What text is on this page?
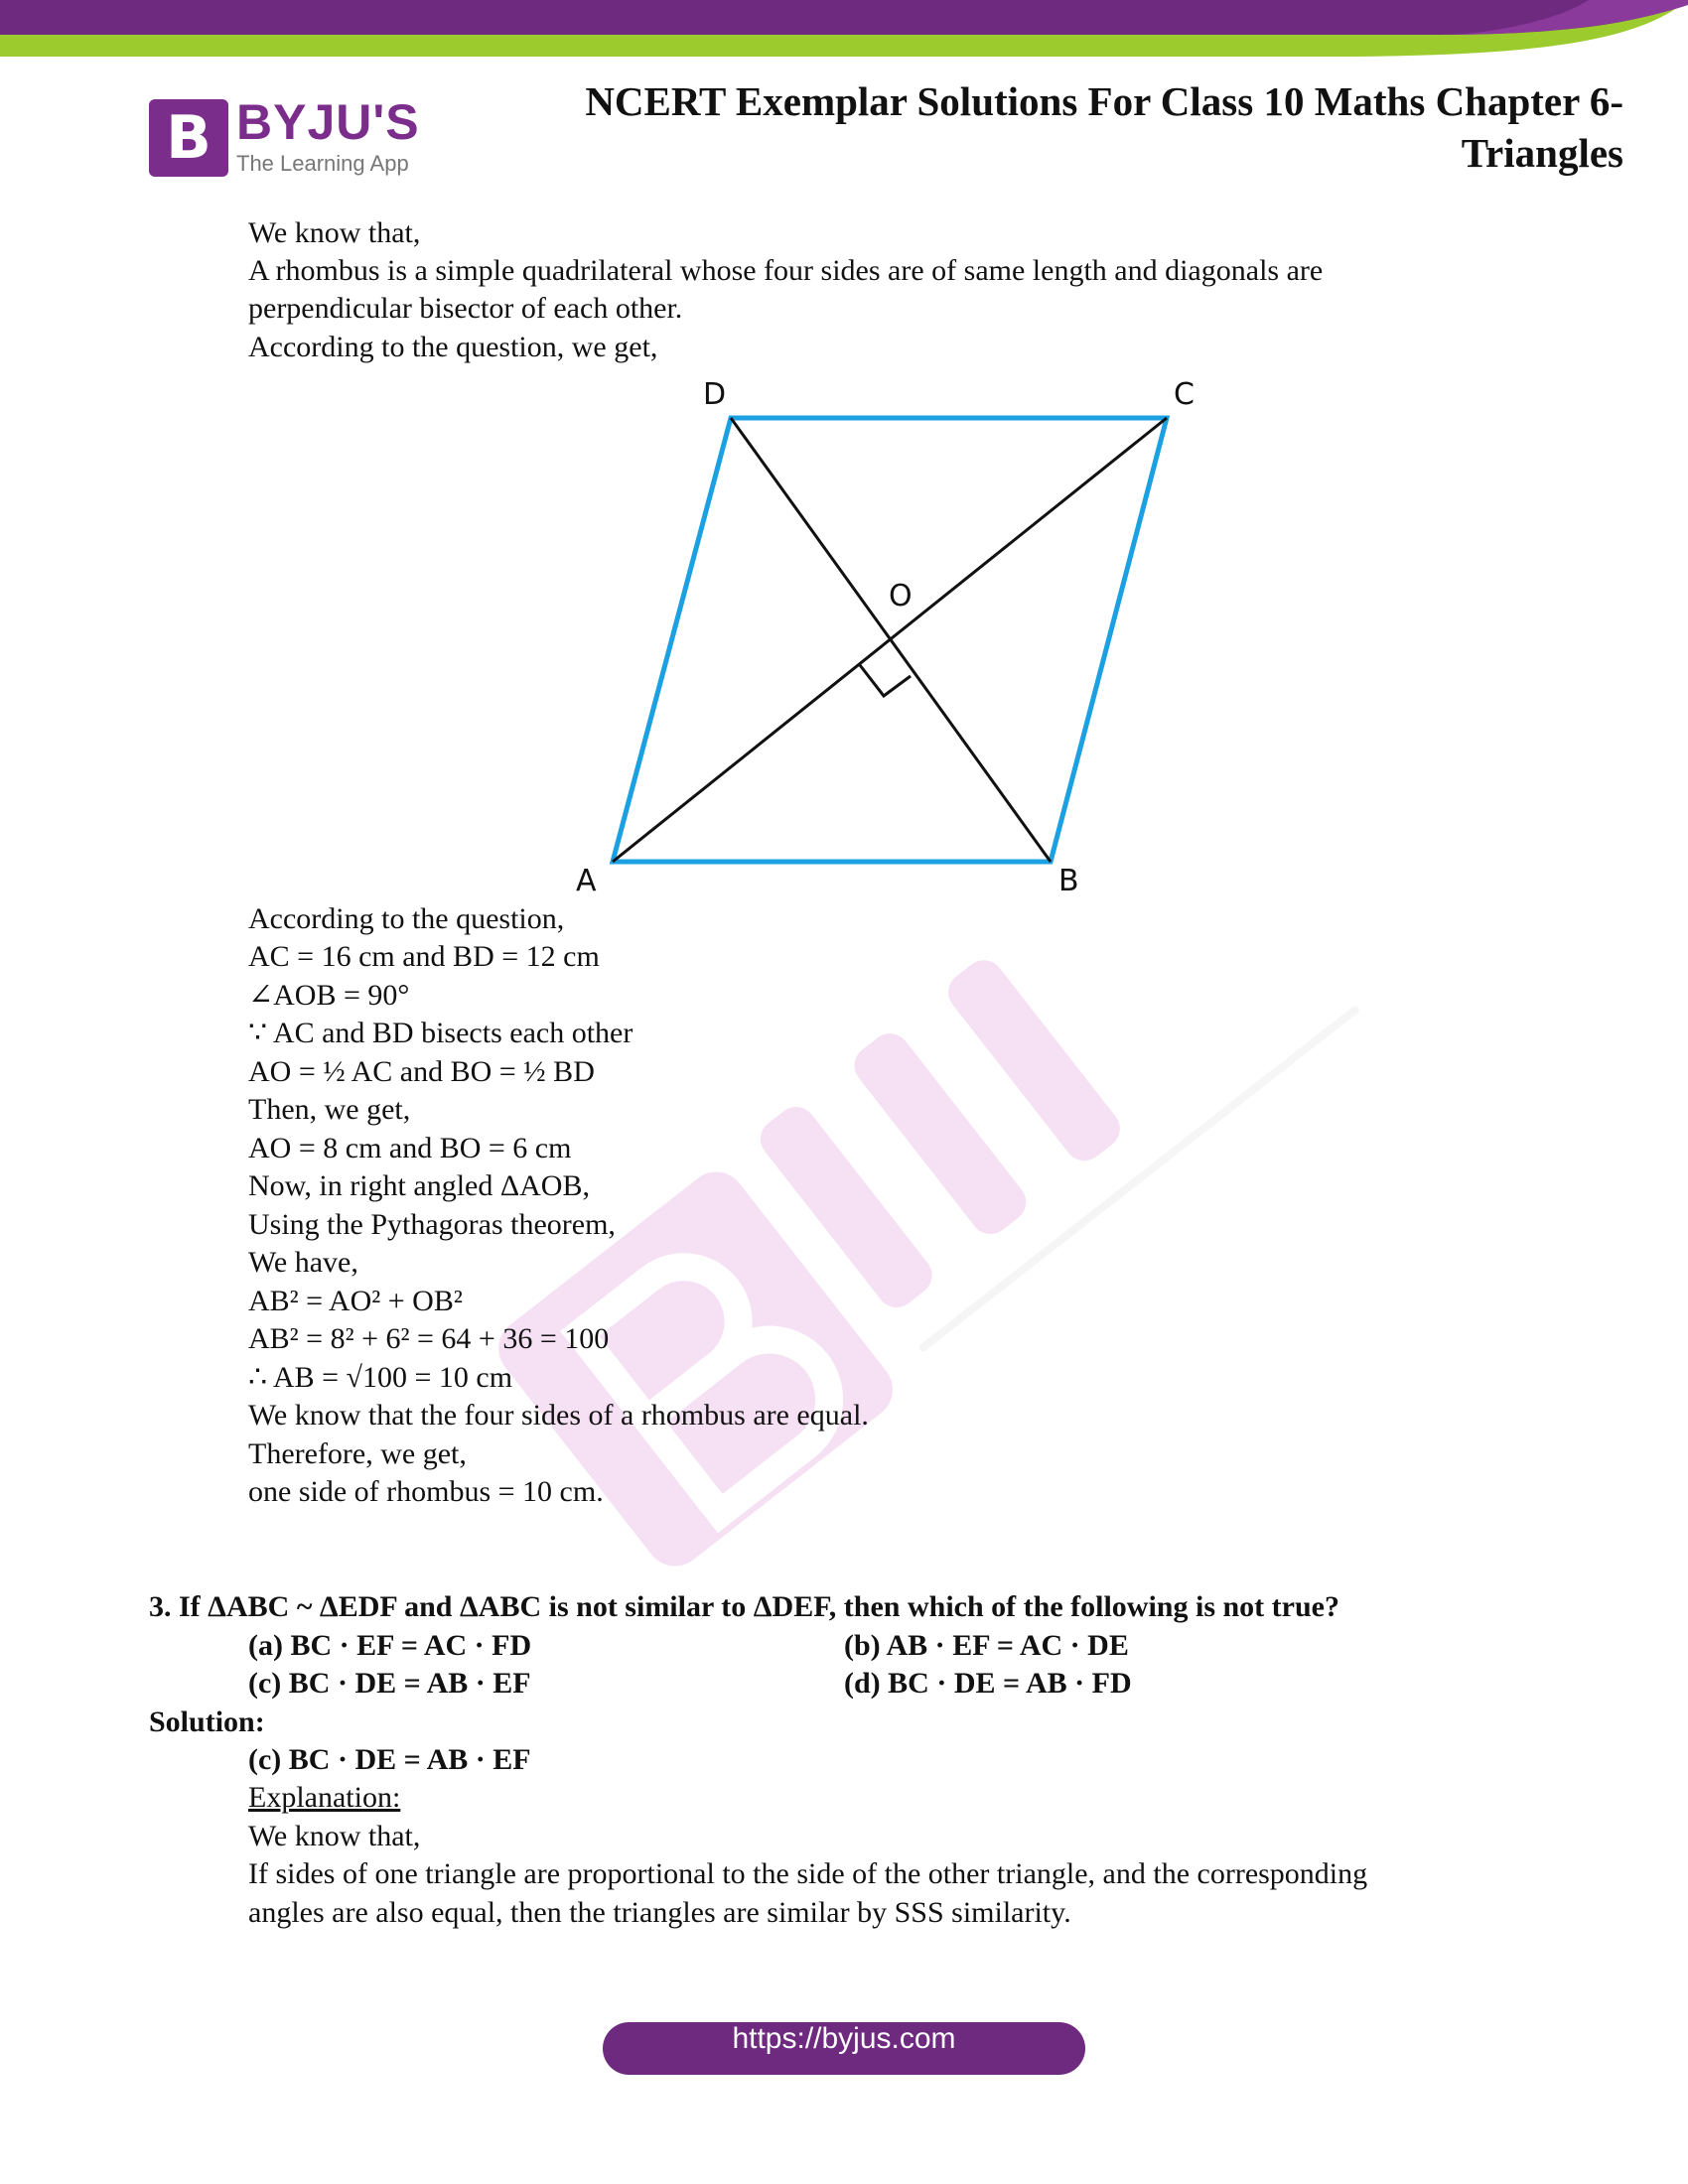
B BYJU'S
The Learning App
NCERT Exemplar Solutions For Class 10 Maths Chapter 6-
Triangles
We know that,
A rhombus is a simple quadrilateral whose four sides are of same length and diagonals are
perpendicular bisector of each other.
According to the question, we get,
D	C
O
A	B
According to the question,
AC = 16 cm and BD = 12 cm
∠AOB = 90°
∵ AC and BD bisects each other
AO = ½ AC and BO = ½ BD
Then, we get,
AO = 8 cm and BO = 6 cm
Now, in right angled ΔAOB,
Using the Pythagoras theorem,
We have,
AB² = AO² + OB²
AB² = 8² + 6² = 64 + 36 = 100
∴ AB = √100 = 10 cm
We know that the four sides of a rhombus are equal.
Therefore, we get,
one side of rhombus = 10 cm.
3. If ΔABC ~ ΔEDF and ΔABC is not similar to ΔDEF, then which of the following is not true?
(a) BC · EF = AC · FD	(b) AB · EF = AC · DE
(c) BC · DE = AB · EF	(d) BC · DE = AB · FD
Solution:
(c) BC · DE = AB · EF
Explanation:
We know that,
If sides of one triangle are proportional to the side of the other triangle, and the corresponding
angles are also equal, then the triangles are similar by SSS similarity.
https://byjus.com
